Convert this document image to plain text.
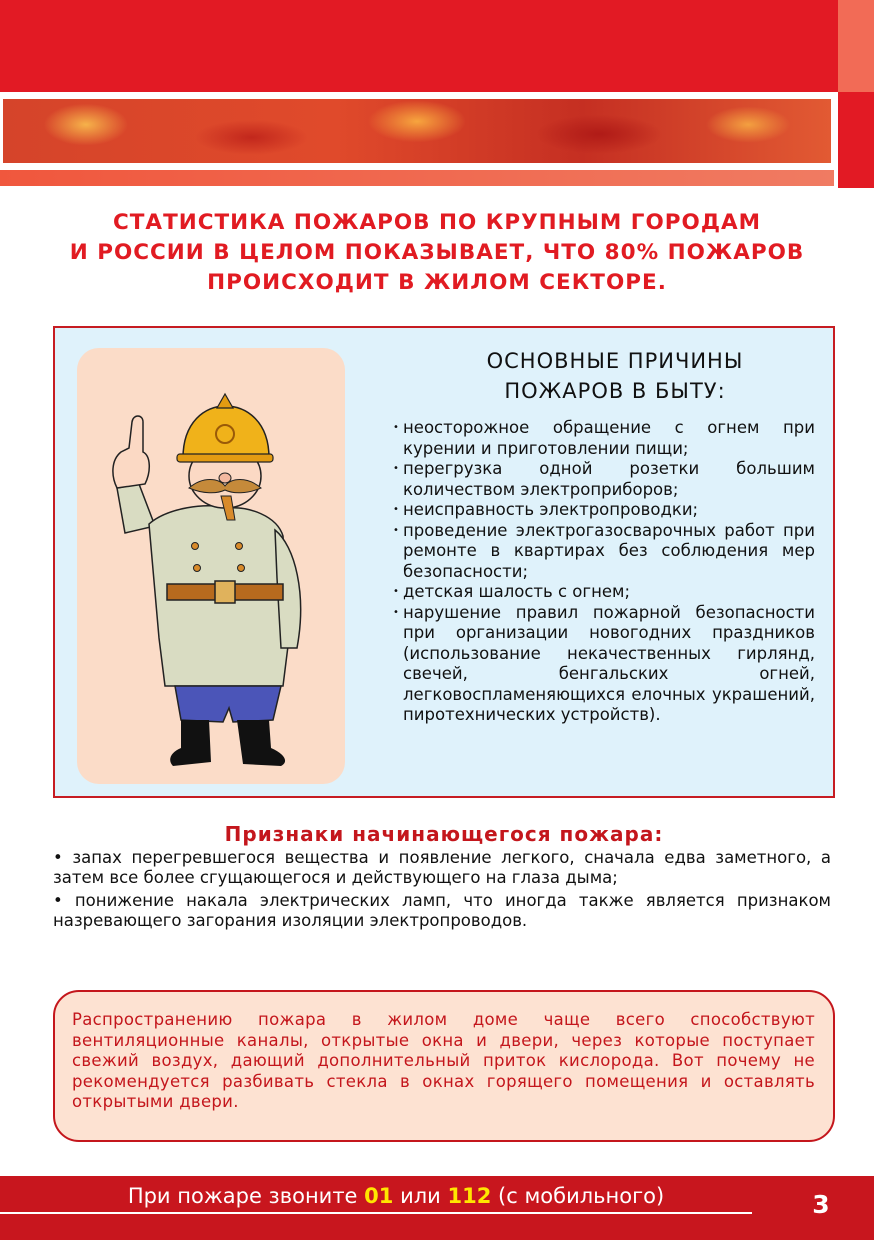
СТАТИСТИКА ПОЖАРОВ ПО КРУПНЫМ ГОРОДАМ
И РОССИИ В ЦЕЛОМ ПОКАЗЫВАЕТ, ЧТО 80% ПОЖАРОВ
ПРОИСХОДИТ В ЖИЛОМ СЕКТОРЕ.
ОСНОВНЫЕ ПРИЧИНЫ
ПОЖАРОВ В БЫТУ:
• неосторожное обращение с огнем при курении и приготовлении пищи;
• перегрузка одной розетки большим количеством электроприборов;
• неисправность электропроводки;
• проведение электрогазосварочных работ при ремонте в квартирах без соблюдения мер безопасности;
• детская шалость с огнем;
• нарушение правил пожарной безопасности при организации новогодних праздников (использование некачественных гирлянд, свечей, бенгальских огней, легковоспламеняющихся елочных украшений, пиротехнических устройств).
Признаки начинающегося пожара:
• запах перегревшегося вещества и появление легкого, сначала едва заметного, а затем все более сгущающегося и действующего на глаза дыма;
• понижение накала электрических ламп, что иногда также является признаком назревающего загорания изоляции электропроводов.

Распространению пожара в жилом доме чаще всего способствуют вентиляционные каналы, открытые окна и двери, через которые поступает свежий воздух, дающий дополнительный приток кислорода. Вот почему не рекомендуется разбивать стекла в окнах горящего помещения и оставлять открытыми двери.

При пожаре звоните 01 или 112 (с мобильного)	3
